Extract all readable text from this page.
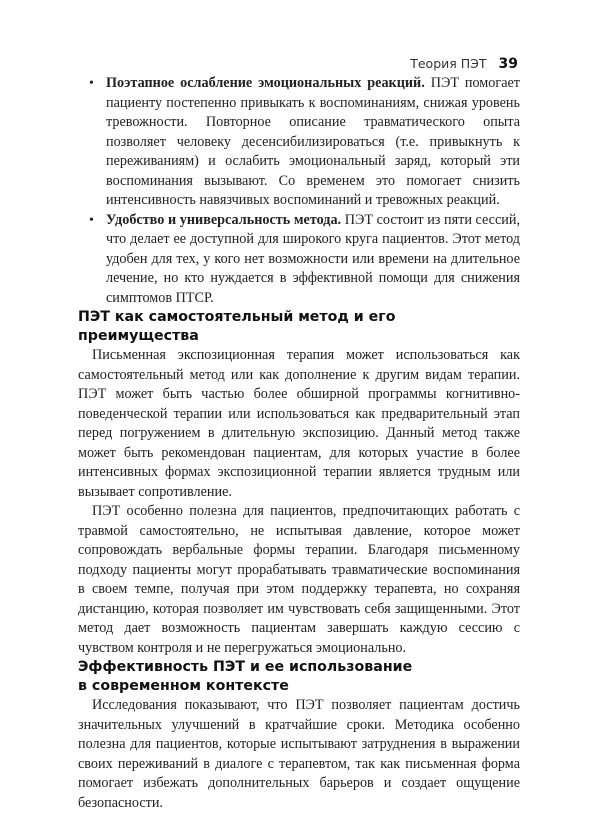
Теория ПЭТ 39
• Поэтапное ослабление эмоциональных реакций. ПЭТ помогает пациенту постепенно привыкать к воспоминаниям, снижая уровень тревожности. Повторное описание травматического опыта позволяет человеку десенсибилизироваться (т.е. привыкнуть к переживаниям) и ослабить эмоциональный заряд, который эти воспоминания вызывают. Со временем это помогает снизить интенсивность навязчивых воспоминаний и тревожных реакций.
• Удобство и универсальность метода. ПЭТ состоит из пяти сессий, что делает ее доступной для широкого круга пациентов. Этот метод удобен для тех, у кого нет возможности или времени на длительное лечение, но кто нуждается в эффективной помощи для снижения симптомов ПТСР.
ПЭТ как самостоятельный метод и его преимущества

Письменная экспозиционная терапия может использоваться как самостоятельный метод или как дополнение к другим видам терапии. ПЭТ может быть частью более обширной программы когнитивно-поведенческой терапии или использоваться как предварительный этап перед погружением в длительную экспозицию. Данный метод также может быть рекомендован пациентам, для которых участие в более интенсивных формах экспозиционной терапии является трудным или вызывает сопротивление.

ПЭТ особенно полезна для пациентов, предпочитающих работать с травмой самостоятельно, не испытывая давление, которое может сопровождать вербальные формы терапии. Благодаря письменному подходу пациенты могут прорабатывать травматические воспоминания в своем темпе, получая при этом поддержку терапевта, но сохраняя дистанцию, которая позволяет им чувствовать себя защищенными. Этот метод дает возможность пациентам завершать каждую сессию с чувством контроля и не перегружаться эмоционально.

Эффективность ПЭТ и ее использование
в современном контексте

Исследования показывают, что ПЭТ позволяет пациентам достичь значительных улучшений в кратчайшие сроки. Методика особенно полезна для пациентов, которые испытывают затруднения в выражении своих переживаний в диалоге с терапевтом, так как письменная форма помогает избежать дополнительных барьеров и создает ощущение безопасности.
